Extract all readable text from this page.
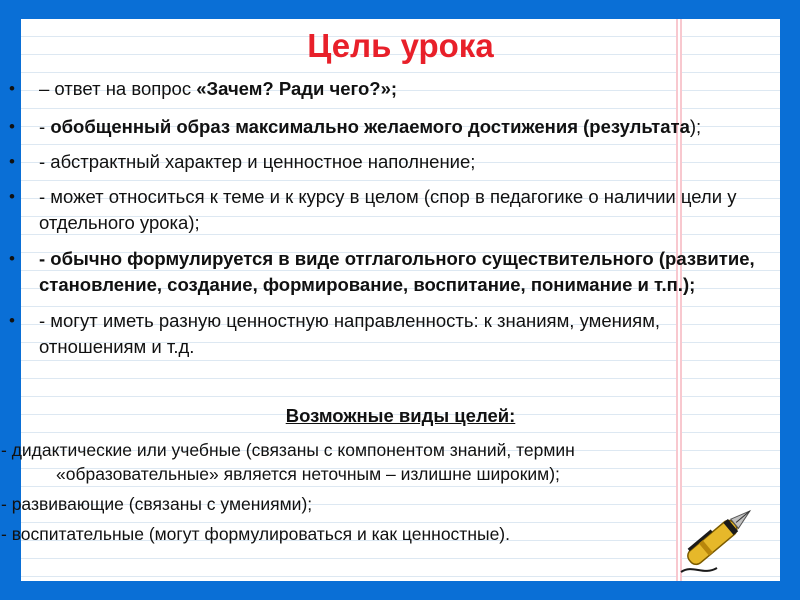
Цель урока
• – ответ на вопрос «Зачем? Ради чего?»;
• - обобщенный образ максимально желаемого достижения (результата);
• - абстрактный характер и ценностное наполнение;
• - может относиться к теме и к курсу в целом (спор в педагогике о наличии цели у отдельного урока);
• - обычно формулируется в виде отглагольного существительного (развитие, становление, создание, формирование, воспитание, понимание и т.п.);
• - могут иметь разную ценностную направленность: к знаниям, умениям, отношениям и т.д.
Возможные виды целей:
- дидактические или учебные (связаны с компонентом знаний, термин
«образовательные» является неточным – излишне широким);
- развивающие (связаны с умениями);
- воспитательные (могут формулироваться и как ценностные).
